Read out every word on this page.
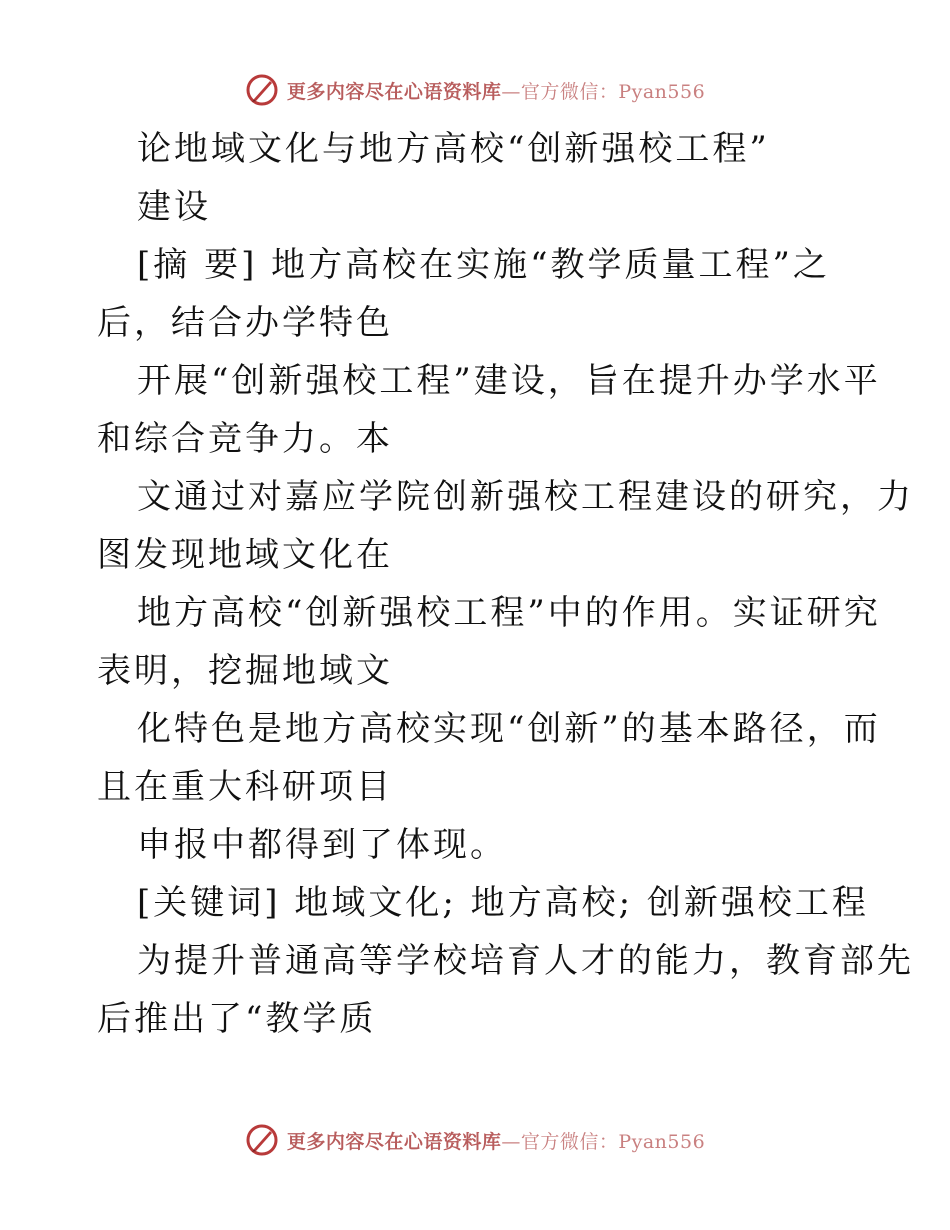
更多内容尽在心语资料库—官方微信：Pyan556
论地域文化与地方高校“创新强校工程”
建设
[摘 要] 地方高校在实施“教学质量工程”之
后，结合办学特色
开展“创新强校工程”建设，旨在提升办学水平
和综合竞争力。本
文通过对嘉应学院创新强校工程建设的研究，力
图发现地域文化在
地方高校“创新强校工程”中的作用。实证研究
表明，挖掘地域文
化特色是地方高校实现“创新”的基本路径，而
且在重大科研项目
申报中都得到了体现。
[关键词] 地域文化; 地方高校; 创新强校工程
为提升普通高等学校培育人才的能力，教育部先
后推出了“教学质
更多内容尽在心语资料库—官方微信：Pyan556
